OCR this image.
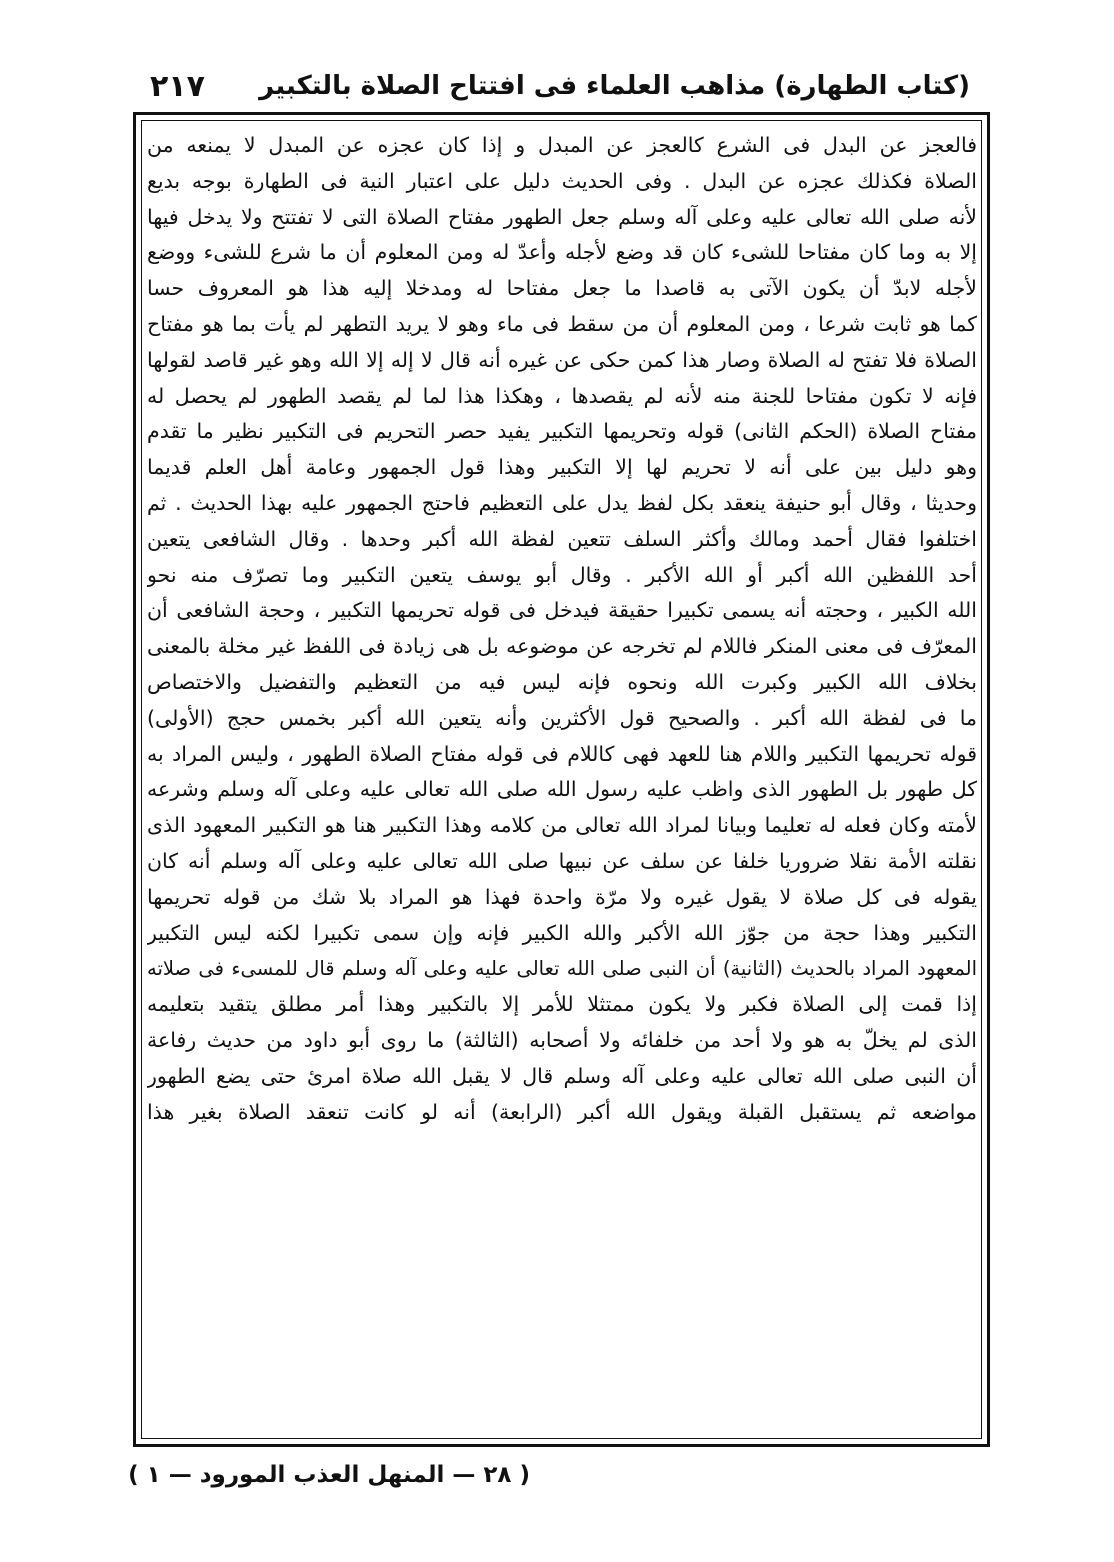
(كتاب الطهارة) مذاهب العلماء فى افتتاح الصلاة بالتكبير
٢١٧
فالعجز عن البدل فى الشرع كالعجز عن المبدل و إذا كان عجزه عن المبدل لا يمنعه من
الصلاة فكذلك عجزه عن البدل . وفى الحديث دليل على اعتبار النية فى الطهارة بوجه بديع
لأنه صلى الله تعالى عليه وعلى آله وسلم جعل الطهور مفتاح الصلاة التى لا تفتتح ولا يدخل فيها
إلا به وما كان مفتاحا للشىء كان قد وضع لأجله وأعدّ له ومن المعلوم أن ما شرع للشىء ووضع
لأجله لابدّ أن يكون الآتى به قاصدا ما جعل مفتاحا له ومدخلا إليه هذا هو المعروف حسا
كما هو ثابت شرعا ، ومن المعلوم أن من سقط فى ماء وهو لا يريد التطهر لم يأت بما هو مفتاح
الصلاة فلا تفتح له الصلاة وصار هذا كمن حكى عن غيره أنه قال لا إله إلا الله وهو غير قاصد لقولها
فإنه لا تكون مفتاحا للجنة منه لأنه لم يقصدها ، وهكذا هذا لما لم يقصد الطهور لم يحصل له
مفتاح الصلاة (الحكم الثانى) قوله وتحريمها التكبير يفيد حصر التحريم فى التكبير نظير ما تقدم
وهو دليل بين على أنه لا تحريم لها إلا التكبير وهذا قول الجمهور وعامة أهل العلم قديما
وحديثا ، وقال أبو حنيفة ينعقد بكل لفظ يدل على التعظيم فاحتج الجمهور عليه بهذا الحديث . ثم
اختلفوا فقال أحمد ومالك وأكثر السلف تتعين لفظة الله أكبر وحدها . وقال الشافعى يتعين
أحد اللفظين الله أكبر أو الله الأكبر . وقال أبو يوسف يتعين التكبير وما تصرّف منه نحو
الله الكبير ، وحجته أنه يسمى تكبيرا حقيقة فيدخل فى قوله تحريمها التكبير ، وحجة الشافعى أن
المعرّف فى معنى المنكر فاللام لم تخرجه عن موضوعه بل هى زيادة فى اللفظ غير مخلة بالمعنى
بخلاف الله الكبير وكبرت الله ونحوه فإنه ليس فيه من التعظيم والتفضيل والاختصاص
ما فى لفظة الله أكبر . والصحيح قول الأكثرين وأنه يتعين الله أكبر بخمس حجج (الأولى)
قوله تحريمها التكبير واللام هنا للعهد فهى كاللام فى قوله مفتاح الصلاة الطهور ، وليس المراد به
كل طهور بل الطهور الذى واظب عليه رسول الله صلى الله تعالى عليه وعلى آله وسلم وشرعه
لأمته وكان فعله له تعليما وبيانا لمراد الله تعالى من كلامه وهذا التكبير هنا هو التكبير المعهود الذى
نقلته الأمة نقلا ضروريا خلفا عن سلف عن نبيها صلى الله تعالى عليه وعلى آله وسلم أنه كان
يقوله فى كل صلاة لا يقول غيره ولا مرّة واحدة فهذا هو المراد بلا شك من قوله تحريمها
التكبير وهذا حجة من جوّز الله الأكبر والله الكبير فإنه وإن سمى تكبيرا لكنه ليس التكبير
المعهود المراد بالحديث (الثانية) أن النبى صلى الله تعالى عليه وعلى آله وسلم قال للمسىء فى صلاته
إذا قمت إلى الصلاة فكبر ولا يكون ممتثلا للأمر إلا بالتكبير وهذا أمر مطلق يتقيد بتعليمه
الذى لم يخلّ به هو ولا أحد من خلفائه ولا أصحابه (الثالثة) ما روى أبو داود من حديث رفاعة
أن النبى صلى الله تعالى عليه وعلى آله وسلم قال لا يقبل الله صلاة امرئ حتى يضع الطهور
مواضعه ثم يستقبل القبلة ويقول الله أكبر (الرابعة) أنه لو كانت تنعقد الصلاة بغير هذا
( ٢٨ — المنهل العذب المورود — ١ )
